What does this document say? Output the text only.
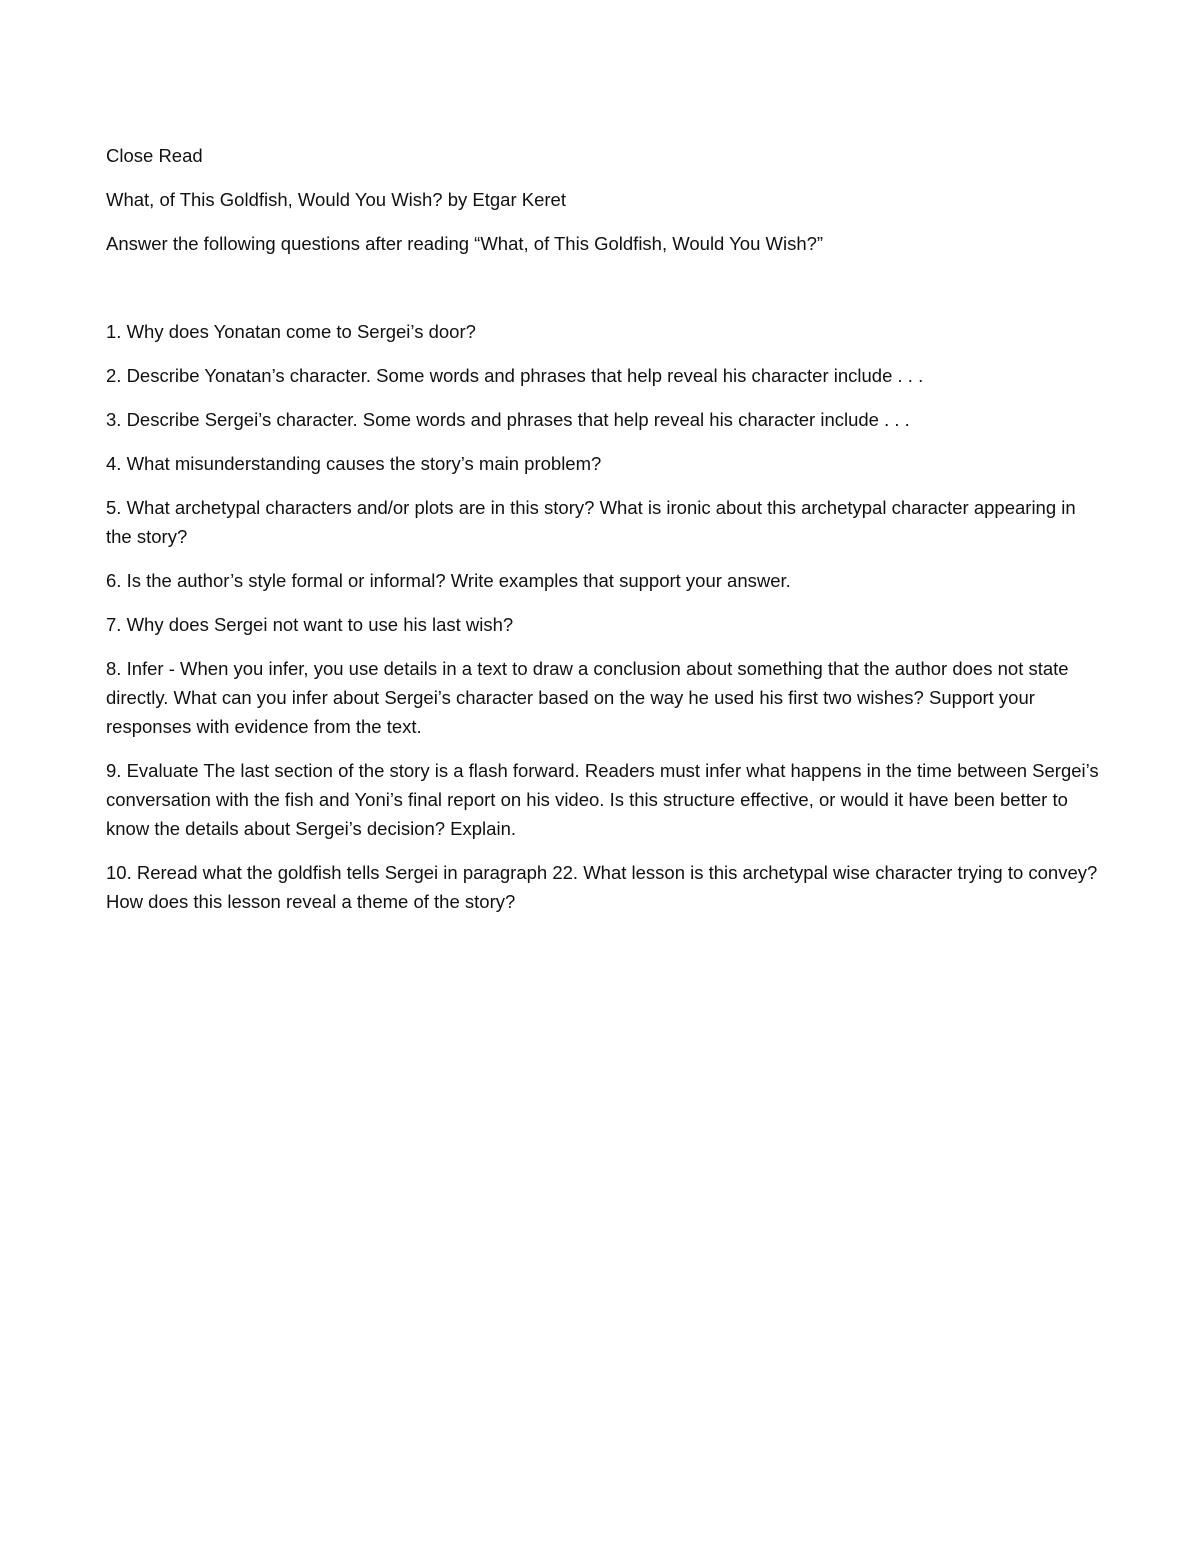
Close Read
What, of This Goldfish, Would You Wish? by Etgar Keret
Answer the following questions after reading “What, of This Goldfish, Would You Wish?”
1. Why does Yonatan come to Sergei’s door?
2. Describe Yonatan’s character. Some words and phrases that help reveal his character include . . .
3. Describe Sergei’s character. Some words and phrases that help reveal his character include . . .
4. What misunderstanding causes the story’s main problem?
5. What archetypal characters and/or plots are in this story? What is ironic about this archetypal character appearing in the story?
6. Is the author’s style formal or informal? Write examples that support your answer.
7. Why does Sergei not want to use his last wish?
8. Infer - When you infer, you use details in a text to draw a conclusion about something that the author does not state directly. What can you infer about Sergei’s character based on the way he used his first two wishes? Support your responses with evidence from the text.
9. Evaluate The last section of the story is a flash forward. Readers must infer what happens in the time between Sergei’s conversation with the fish and Yoni’s final report on his video. Is this structure effective, or would it have been better to know the details about Sergei’s decision? Explain.
10. Reread what the goldfish tells Sergei in paragraph 22. What lesson is this archetypal wise character trying to convey? How does this lesson reveal a theme of the story?
